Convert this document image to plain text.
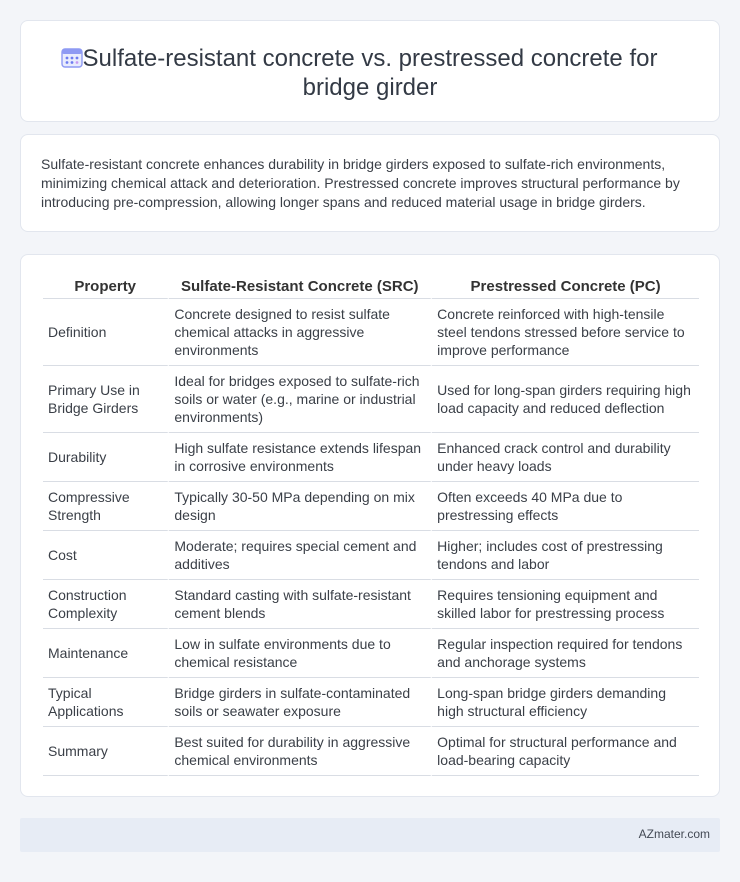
Sulfate-resistant concrete vs. prestressed concrete for
bridge girder

Sulfate-resistant concrete enhances durability in bridge girders exposed to sulfate-rich environments, minimizing chemical attack and deterioration. Prestressed concrete improves structural performance by introducing pre-compression, allowing longer spans and reduced material usage in bridge girders.

Property	Sulfate-Resistant Concrete (SRC)	Prestressed Concrete (PC)
Definition	Concrete designed to resist sulfate chemical attacks in aggressive environments	Concrete reinforced with high-tensile steel tendons stressed before service to improve performance
Primary Use in Bridge Girders	Ideal for bridges exposed to sulfate-rich soils or water (e.g., marine or industrial environments)	Used for long-span girders requiring high load capacity and reduced deflection
Durability	High sulfate resistance extends lifespan in corrosive environments	Enhanced crack control and durability under heavy loads
Compressive Strength	Typically 30-50 MPa depending on mix design	Often exceeds 40 MPa due to prestressing effects
Cost	Moderate; requires special cement and additives	Higher; includes cost of prestressing tendons and labor
Construction Complexity	Standard casting with sulfate-resistant cement blends	Requires tensioning equipment and skilled labor for prestressing process
Maintenance	Low in sulfate environments due to chemical resistance	Regular inspection required for tendons and anchorage systems
Typical Applications	Bridge girders in sulfate-contaminated soils or seawater exposure	Long-span bridge girders demanding high structural efficiency
Summary	Best suited for durability in aggressive chemical environments	Optimal for structural performance and load-bearing capacity
AZmater.com
